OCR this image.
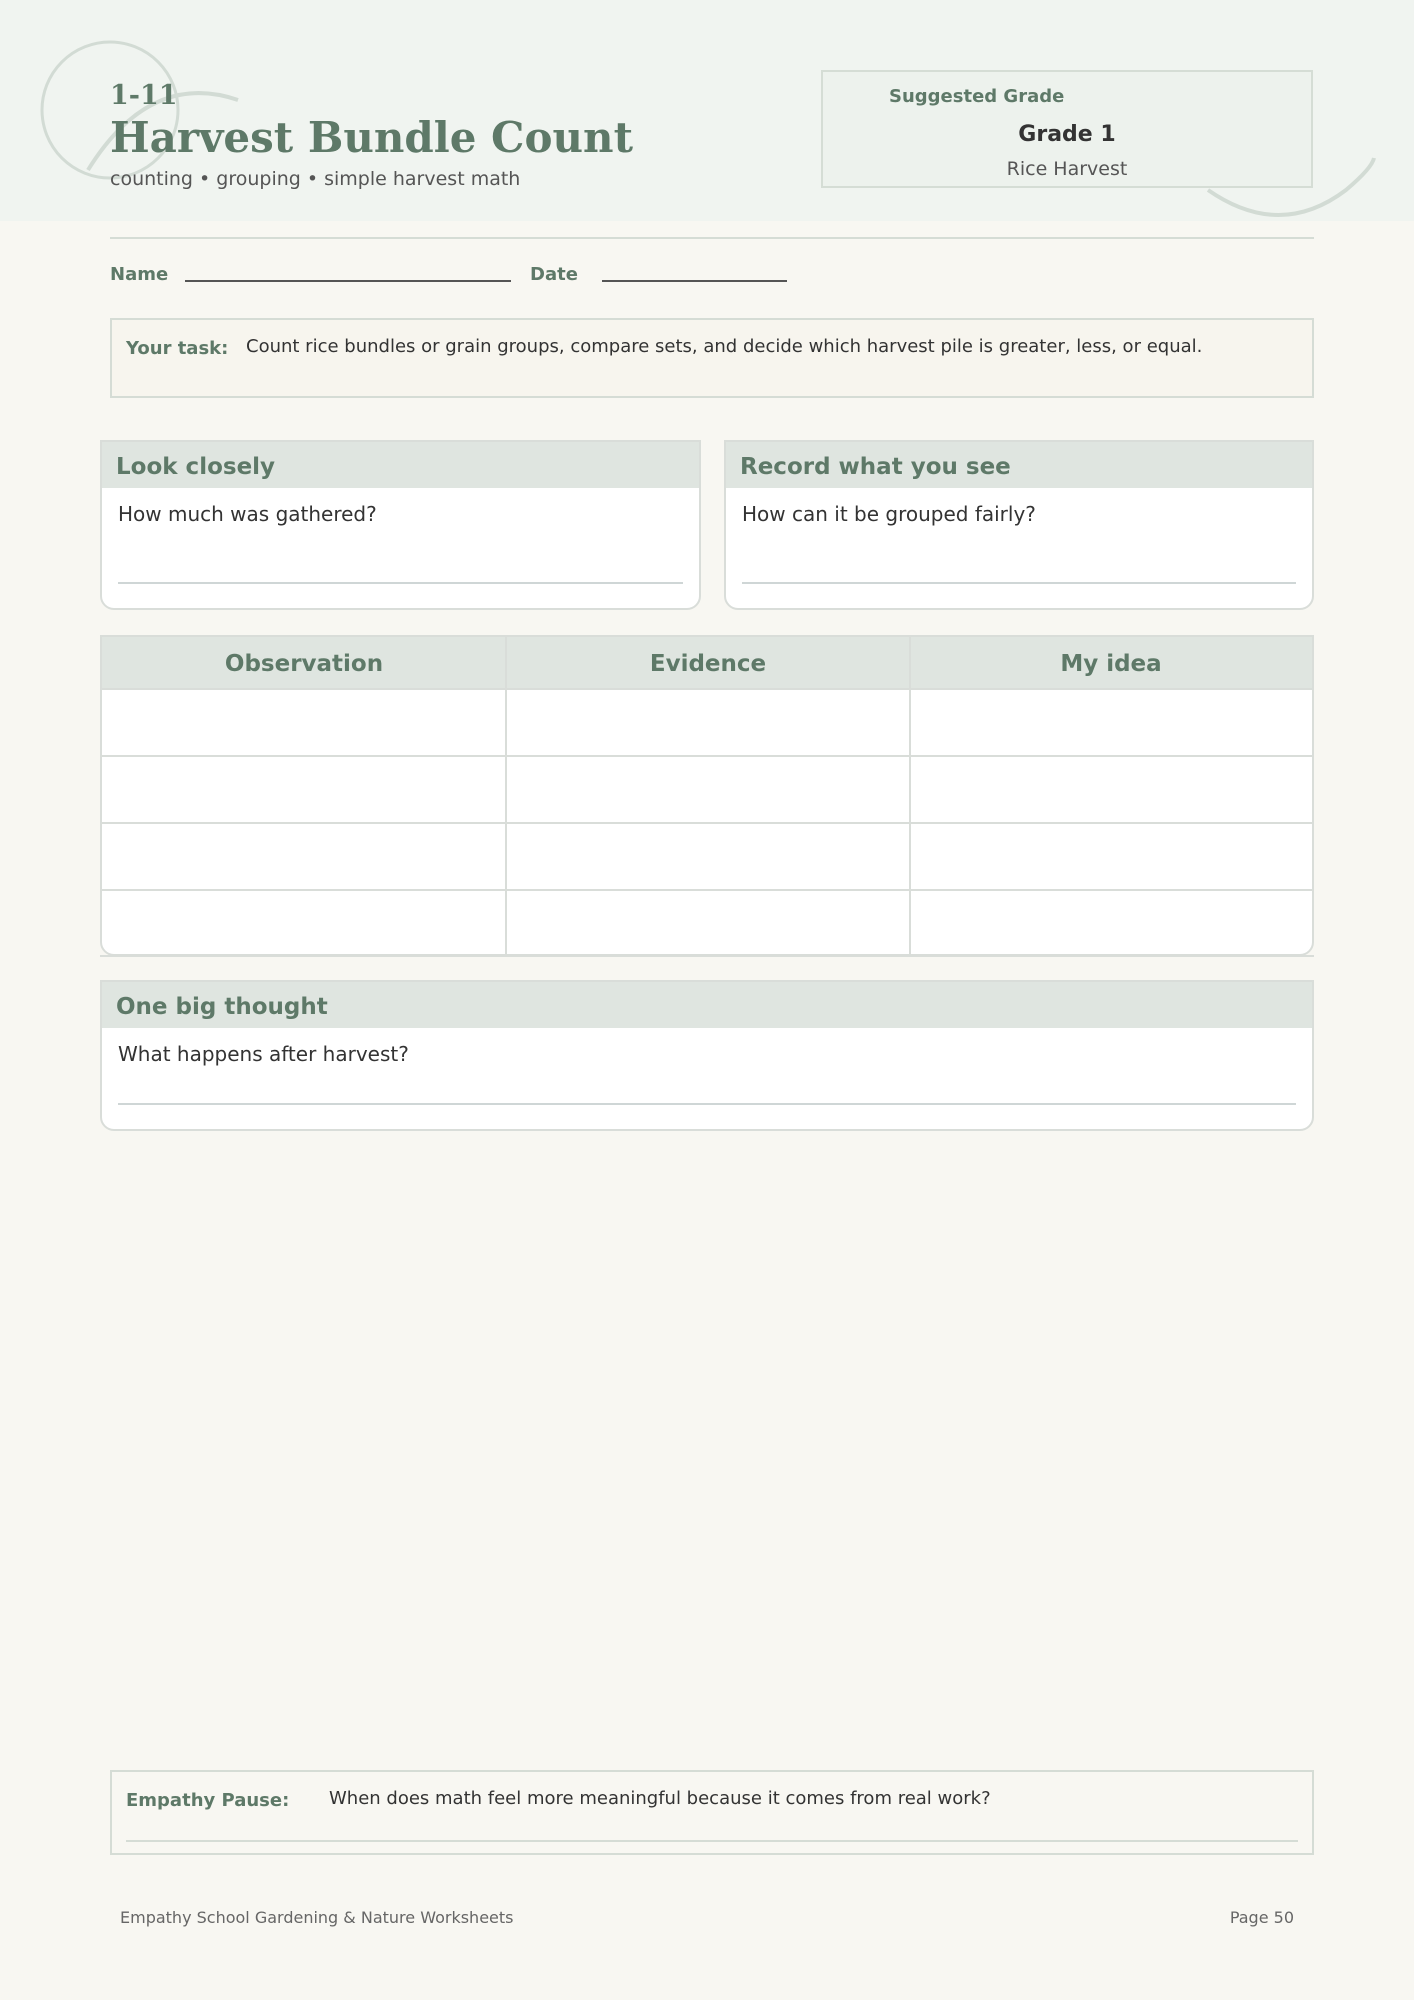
1-11
Harvest Bundle Count
counting • grouping • simple harvest math
Suggested Grade
Grade 1
Rice Harvest
Name	Date
Your task: Count rice bundles or grain groups, compare sets, and decide which harvest pile is greater, less, or equal.
Look closely
How much was gathered?
Record what you see
How can it be grouped fairly?
Observation	Evidence	My idea
One big thought
What happens after harvest?
Empathy Pause: When does math feel more meaningful because it comes from real work?
Empathy School Gardening & Nature Worksheets	Page 50
